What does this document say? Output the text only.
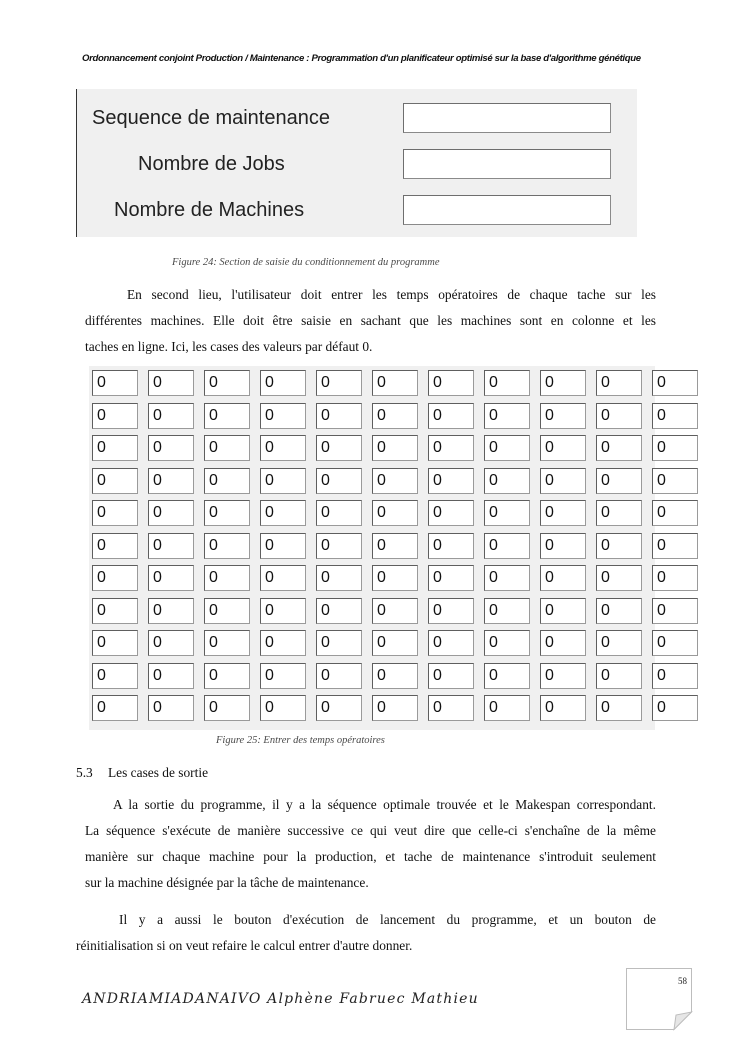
Ordonnancement conjoint Production / Maintenance : Programmation d'un planificateur optimisé sur la base d'algorithme génétique
Sequence de maintenance
Nombre de Jobs
Nombre de Machines
Figure 24: Section de saisie du conditionnement du programme
En second lieu, l'utilisateur doit entrer les temps opératoires de chaque tache sur les
différentes machines. Elle doit être saisie en sachant que les machines sont en colonne et les
taches en ligne. Ici, les cases des valeurs par défaut 0.
0	0	0	0	0	0	0	0	0	0	0
0	0	0	0	0	0	0	0	0	0	0
0	0	0	0	0	0	0	0	0	0	0
0	0	0	0	0	0	0	0	0	0	0
0	0	0	0	0	0	0	0	0	0	0
0	0	0	0	0	0	0	0	0	0	0
0	0	0	0	0	0	0	0	0	0	0
0	0	0	0	0	0	0	0	0	0	0
0	0	0	0	0	0	0	0	0	0	0
0	0	0	0	0	0	0	0	0	0	0
0	0	0	0	0	0	0	0	0	0	0
Figure 25: Entrer des temps opératoires
5.3 Les cases de sortie
A la sortie du programme, il y a la séquence optimale trouvée et le Makespan correspondant.
La séquence s'exécute de manière successive ce qui veut dire que celle-ci s'enchaîne de la même
manière sur chaque machine pour la production, et tache de maintenance s'introduit seulement
sur la machine désignée par la tâche de maintenance.
Il y a aussi le bouton d'exécution de lancement du programme, et un bouton de
réinitialisation si on veut refaire le calcul entrer d'autre donner.
58
ANDRIAMIADANAIVO Alphène Fabruec Mathieu
